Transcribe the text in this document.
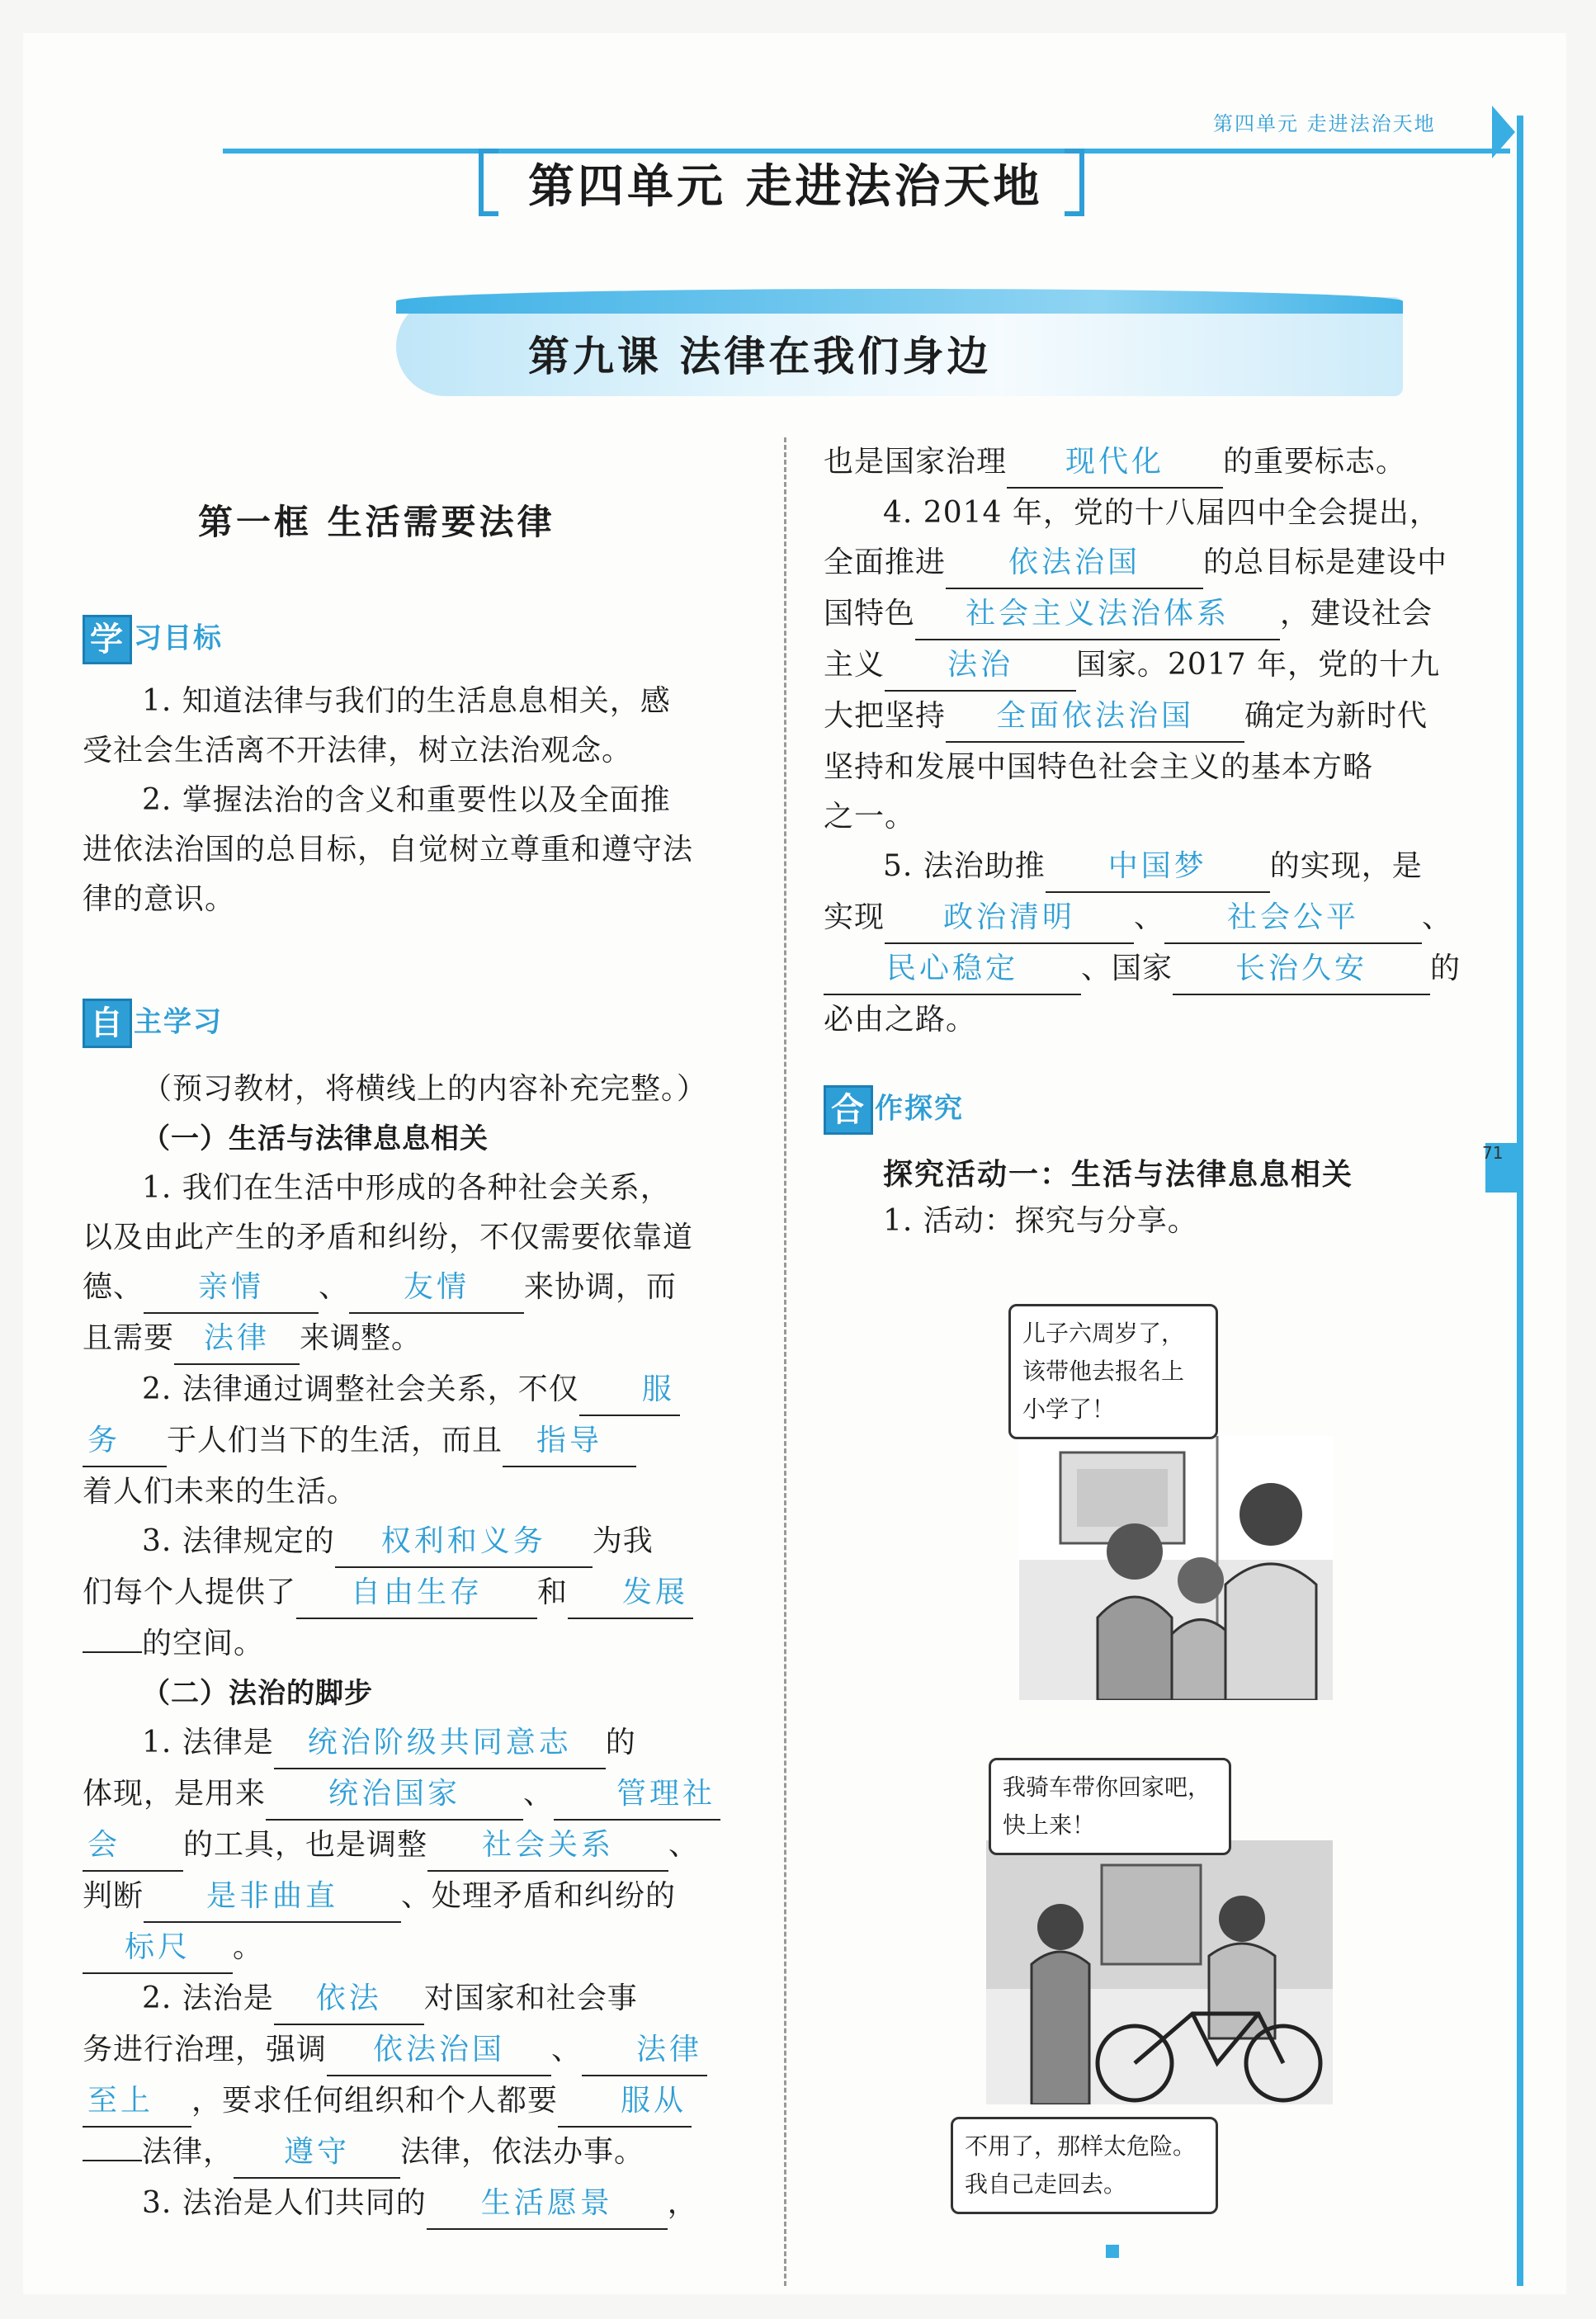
71
第四单元 走进法治天地
第四单元 走进法治天地
第九课 法律在我们身边
第一框 生活需要法律
学 习目标
1. 知道法律与我们的生活息息相关，感
受社会生活离不开法律，树立法治观念。
2. 掌握法治的含义和重要性以及全面推
进依法治国的总目标，自觉树立尊重和遵守法
律的意识。
自 主学习
（预习教材，将横线上的内容补充完整。）
（一）生活与法律息息相关
1. 我们在生活中形成的各种社会关系，
以及由此产生的矛盾和纠纷，不仅需要依靠道
德、 亲情 、 友情 来协调，而
且需要 法律 来调整。
2. 法律通过调整社会关系，不仅 服
务 于人们当下的生活，而且 指导
着人们未来的生活。
3. 法律规定的 权利和义务 为我
们每个人提供了 自由生存 和 发展
的空间。
（二）法治的脚步
1. 法律是 统治阶级共同意志 的
体现，是用来 统治国家 、 管理社
会 的工具，也是调整 社会关系 、
判断 是非曲直 、处理矛盾和纠纷的
标尺 。
2. 法治是 依法 对国家和社会事
务进行治理，强调 依法治国 、 法律
至上 ，要求任何组织和个人都要 服从
法律， 遵守 法律，依法办事。
3. 法治是人们共同的 生活愿景 ，
也是国家治理 现代化 的重要标志。
4. 2014 年，党的十八届四中全会提出，
全面推进 依法治国 的总目标是建设中
国特色 社会主义法治体系 ，建设社会
主义 法治 国家。2017 年，党的十九
大把坚持 全面依法治国 确定为新时代
坚持和发展中国特色社会主义的基本方略
之一。
5. 法治助推 中国梦 的实现，是
实现 政治清明 、 社会公平 、
民心稳定 、国家 长治久安 的
必由之路。
合 作探究
探究活动一：生活与法律息息相关
1. 活动：探究与分享。
儿子六周岁了，该带他去报名上小学了！
我骑车带你回家吧，快上来！
不用了，那样太危险。我自己走回去。
